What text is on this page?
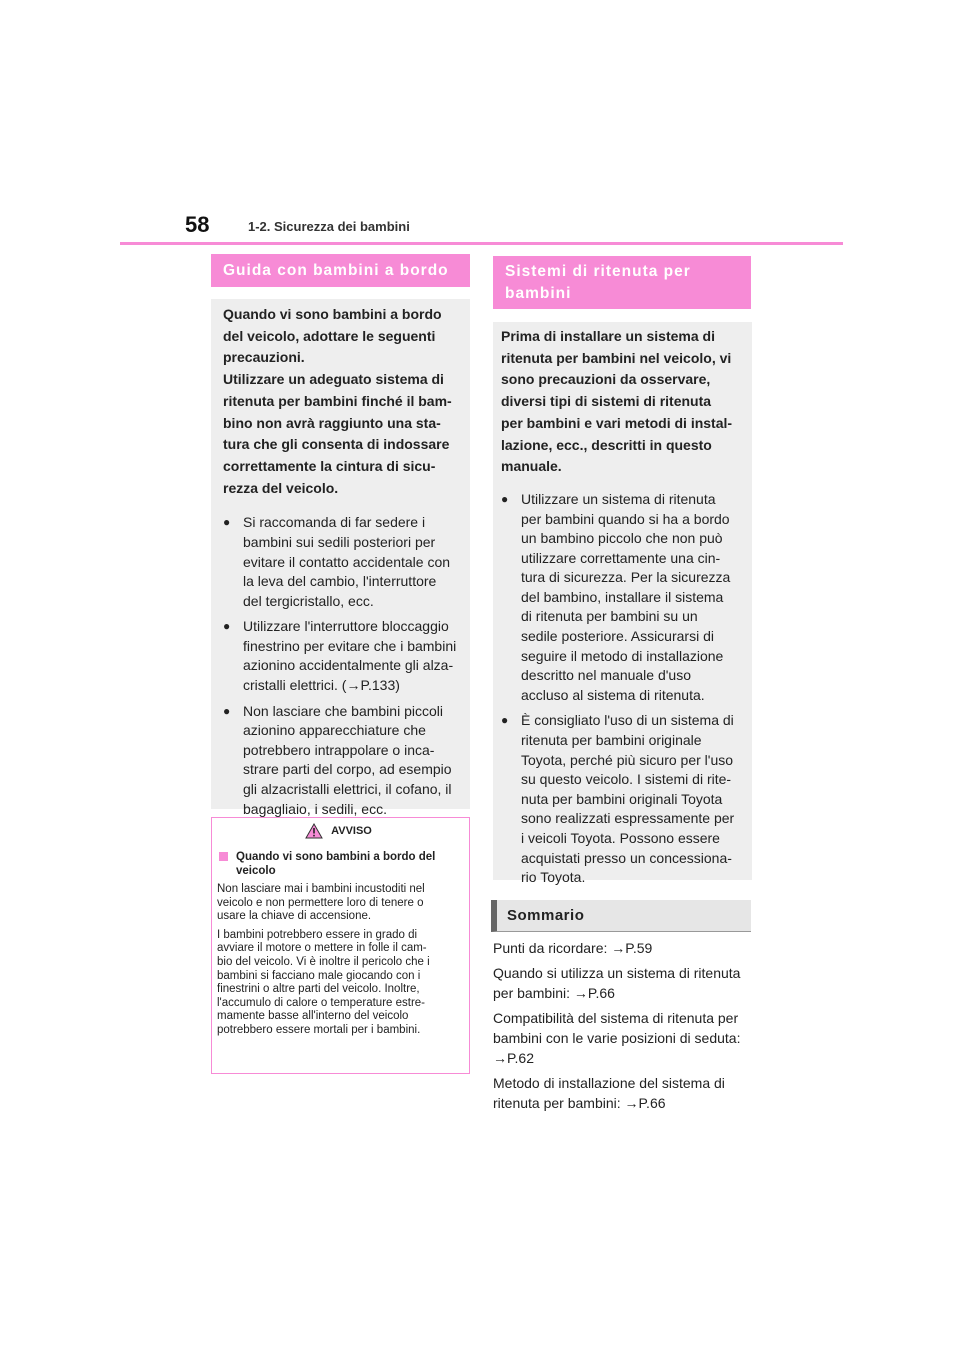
58	1-2. Sicurezza dei bambini
Guida con bambini a bordo
Quando vi sono bambini a bordo
del veicolo, adottare le seguenti
precauzioni.
Utilizzare un adeguato sistema di
ritenuta per bambini finché il bam-
bino non avrà raggiunto una sta-
tura che gli consenta di indossare
correttamente la cintura di sicu-
rezza del veicolo.
● Si raccomanda di far sedere i
bambini sui sedili posteriori per
evitare il contatto accidentale con
la leva del cambio, l'interruttore
del tergicristallo, ecc.
● Utilizzare l'interruttore bloccaggio
finestrino per evitare che i bambini
azionino accidentalmente gli alza-
cristalli elettrici. (→P.133)
● Non lasciare che bambini piccoli
azionino apparecchiature che
potrebbero intrappolare o inca-
strare parti del corpo, ad esempio
gli alzacristalli elettrici, il cofano, il
bagagliaio, i sedili, ecc.
AVVISO
Quando vi sono bambini a bordo del veicolo
Non lasciare mai i bambini incustoditi nel
veicolo e non permettere loro di tenere o
usare la chiave di accensione.
I bambini potrebbero essere in grado di
avviare il motore o mettere in folle il cam-
bio del veicolo. Vi è inoltre il pericolo che i
bambini si facciano male giocando con i
finestrini o altre parti del veicolo. Inoltre,
l'accumulo di calore o temperature estre-
mamente basse all'interno del veicolo
potrebbero essere mortali per i bambini.
Sistemi di ritenuta per
bambini
Prima di installare un sistema di
ritenuta per bambini nel veicolo, vi
sono precauzioni da osservare,
diversi tipi di sistemi di ritenuta
per bambini e vari metodi di instal-
lazione, ecc., descritti in questo
manuale.
● Utilizzare un sistema di ritenuta
per bambini quando si ha a bordo
un bambino piccolo che non può
utilizzare correttamente una cin-
tura di sicurezza. Per la sicurezza
del bambino, installare il sistema
di ritenuta per bambini su un
sedile posteriore. Assicurarsi di
seguire il metodo di installazione
descritto nel manuale d'uso
accluso al sistema di ritenuta.
● È consigliato l'uso di un sistema di
ritenuta per bambini originale
Toyota, perché più sicuro per l'uso
su questo veicolo. I sistemi di rite-
nuta per bambini originali Toyota
sono realizzati espressamente per
i veicoli Toyota. Possono essere
acquistati presso un concessiona-
rio Toyota.
Sommario

Punti da ricordare: →P.59

Quando si utilizza un sistema di ritenuta
per bambini: →P.66

Compatibilità del sistema di ritenuta per
bambini con le varie posizioni di seduta:
→P.62

Metodo di installazione del sistema di
ritenuta per bambini: →P.66
